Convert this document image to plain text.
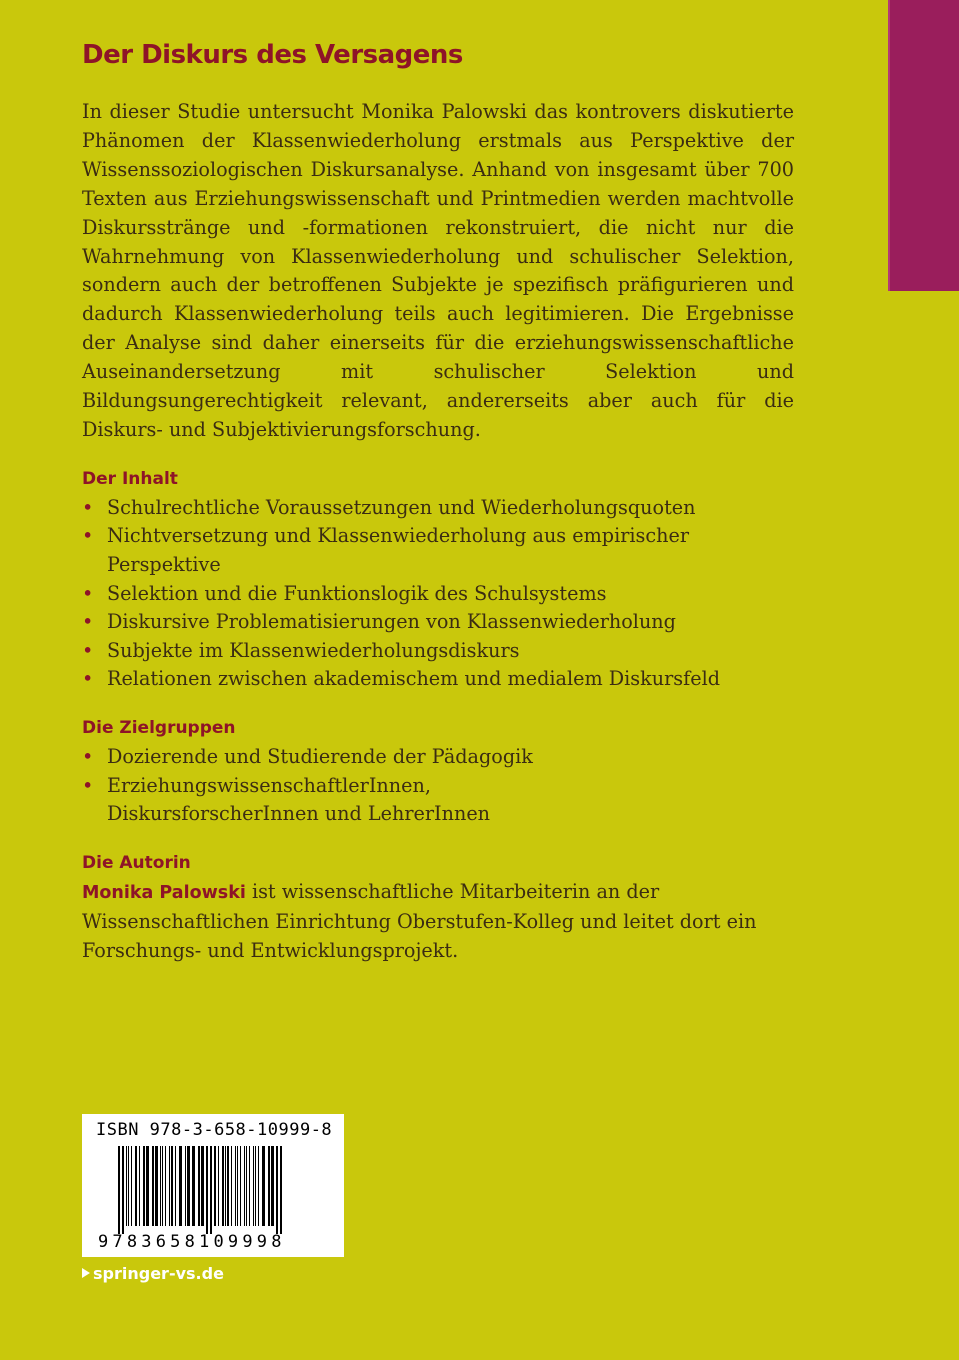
Der Diskurs des Versagens

In dieser Studie untersucht Monika Palowski das kontrovers diskutierte Phänomen der Klassenwiederholung erstmals aus Perspektive der Wissenssoziologischen Diskursanalyse. Anhand von insgesamt über 700 Texten aus Erziehungswissenschaft und Printmedien werden machtvolle Diskursstränge und -formationen rekonstruiert, die nicht nur die Wahrnehmung von Klassenwiederholung und schulischer Selektion, sondern auch der betroffenen Subjekte je spezifisch präfigurieren und dadurch Klassenwiederholung teils auch legitimieren. Die Ergebnisse der Analyse sind daher einerseits für die erziehungswissenschaftliche Auseinandersetzung mit schulischer Selektion und Bildungsungerechtigkeit relevant, andererseits aber auch für die Diskurs- und Subjektivierungsforschung.

Der Inhalt
• Schulrechtliche Voraussetzungen und Wiederholungsquoten
• Nichtversetzung und Klassenwiederholung aus empirischer Perspektive
• Selektion und die Funktionslogik des Schulsystems
• Diskursive Problematisierungen von Klassenwiederholung
• Subjekte im Klassenwiederholungsdiskurs
• Relationen zwischen akademischem und medialem Diskursfeld
Die Zielgruppen
• Dozierende und Studierende der Pädagogik
• ErziehungswissenschaftlerInnen, DiskursforscherInnen und LehrerInnen
Die Autorin

Monika Palowski ist wissenschaftliche Mitarbeiterin an der Wissenschaftlichen Einrichtung Oberstufen-Kolleg und leitet dort ein Forschungs- und Entwicklungsprojekt.

ISBN 978-3-658-10999-8
9783658109998
springer-vs.de
